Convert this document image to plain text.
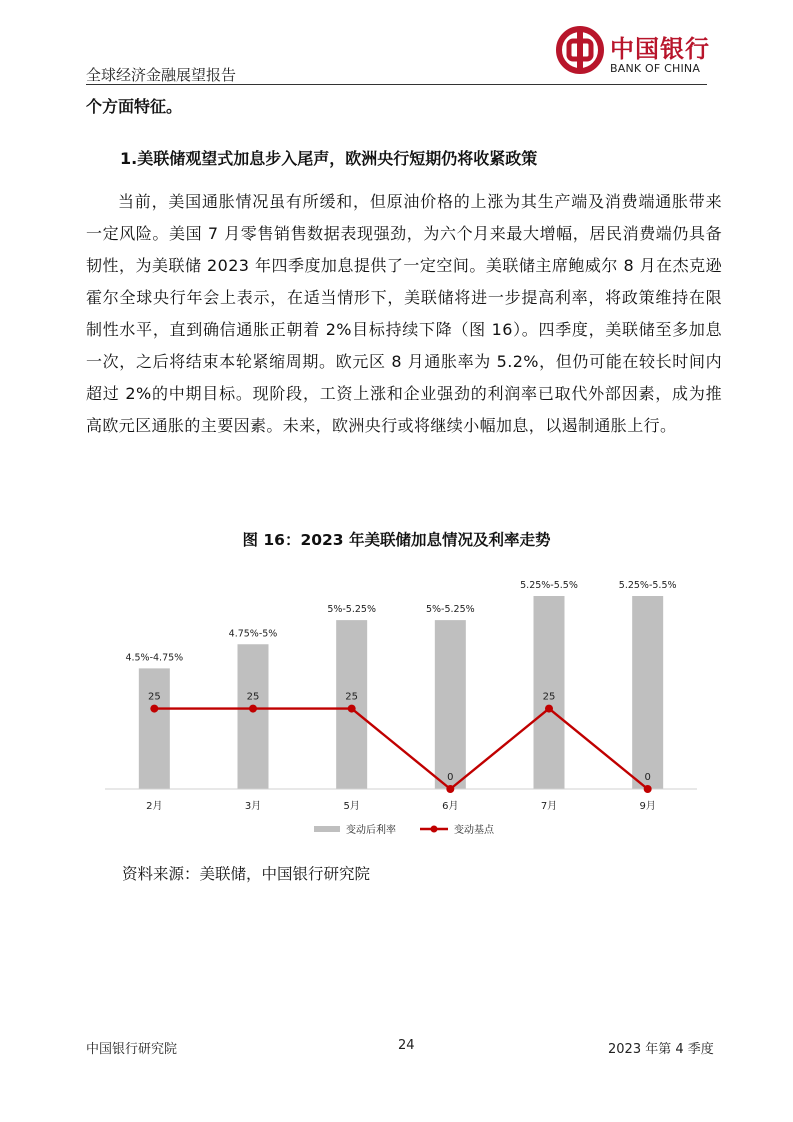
全球经济金融展望报告
中国银行
BANK OF CHINA
个方面特征。
1.美联储观望式加息步入尾声，欧洲央行短期仍将收紧政策
当前，美国通胀情况虽有所缓和，但原油价格的上涨为其生产端及消费端通胀带来一定风险。美国 7 月零售销售数据表现强劲，为六个月来最大增幅，居民消费端仍具备韧性，为美联储 2023 年四季度加息提供了一定空间。美联储主席鲍威尔 8 月在杰克逊霍尔全球央行年会上表示，在适当情形下，美联储将进一步提高利率，将政策维持在限制性水平，直到确信通胀正朝着 2%目标持续下降（图 16）。四季度，美联储至多加息一次，之后将结束本轮紧缩周期。欧元区 8 月通胀率为 5.2%，但仍可能在较长时间内超过 2%的中期目标。现阶段，工资上涨和企业强劲的利润率已取代外部因素，成为推高欧元区通胀的主要因素。未来，欧洲央行或将继续小幅加息，以遏制通胀上行。
图 16：2023 年美联储加息情况及利率走势
4.5%-4.75%
4.75%-5%
5%-5.25%	5%-5.25%
5.25%-5.5%	5.25%-5.5%
2月	3月	5月	6月	7月	9月
25	25	25
0
25
0
变动后利率	变动基点
资料来源：美联储，中国银行研究院
中国银行研究院	24	2023 年第 4 季度
